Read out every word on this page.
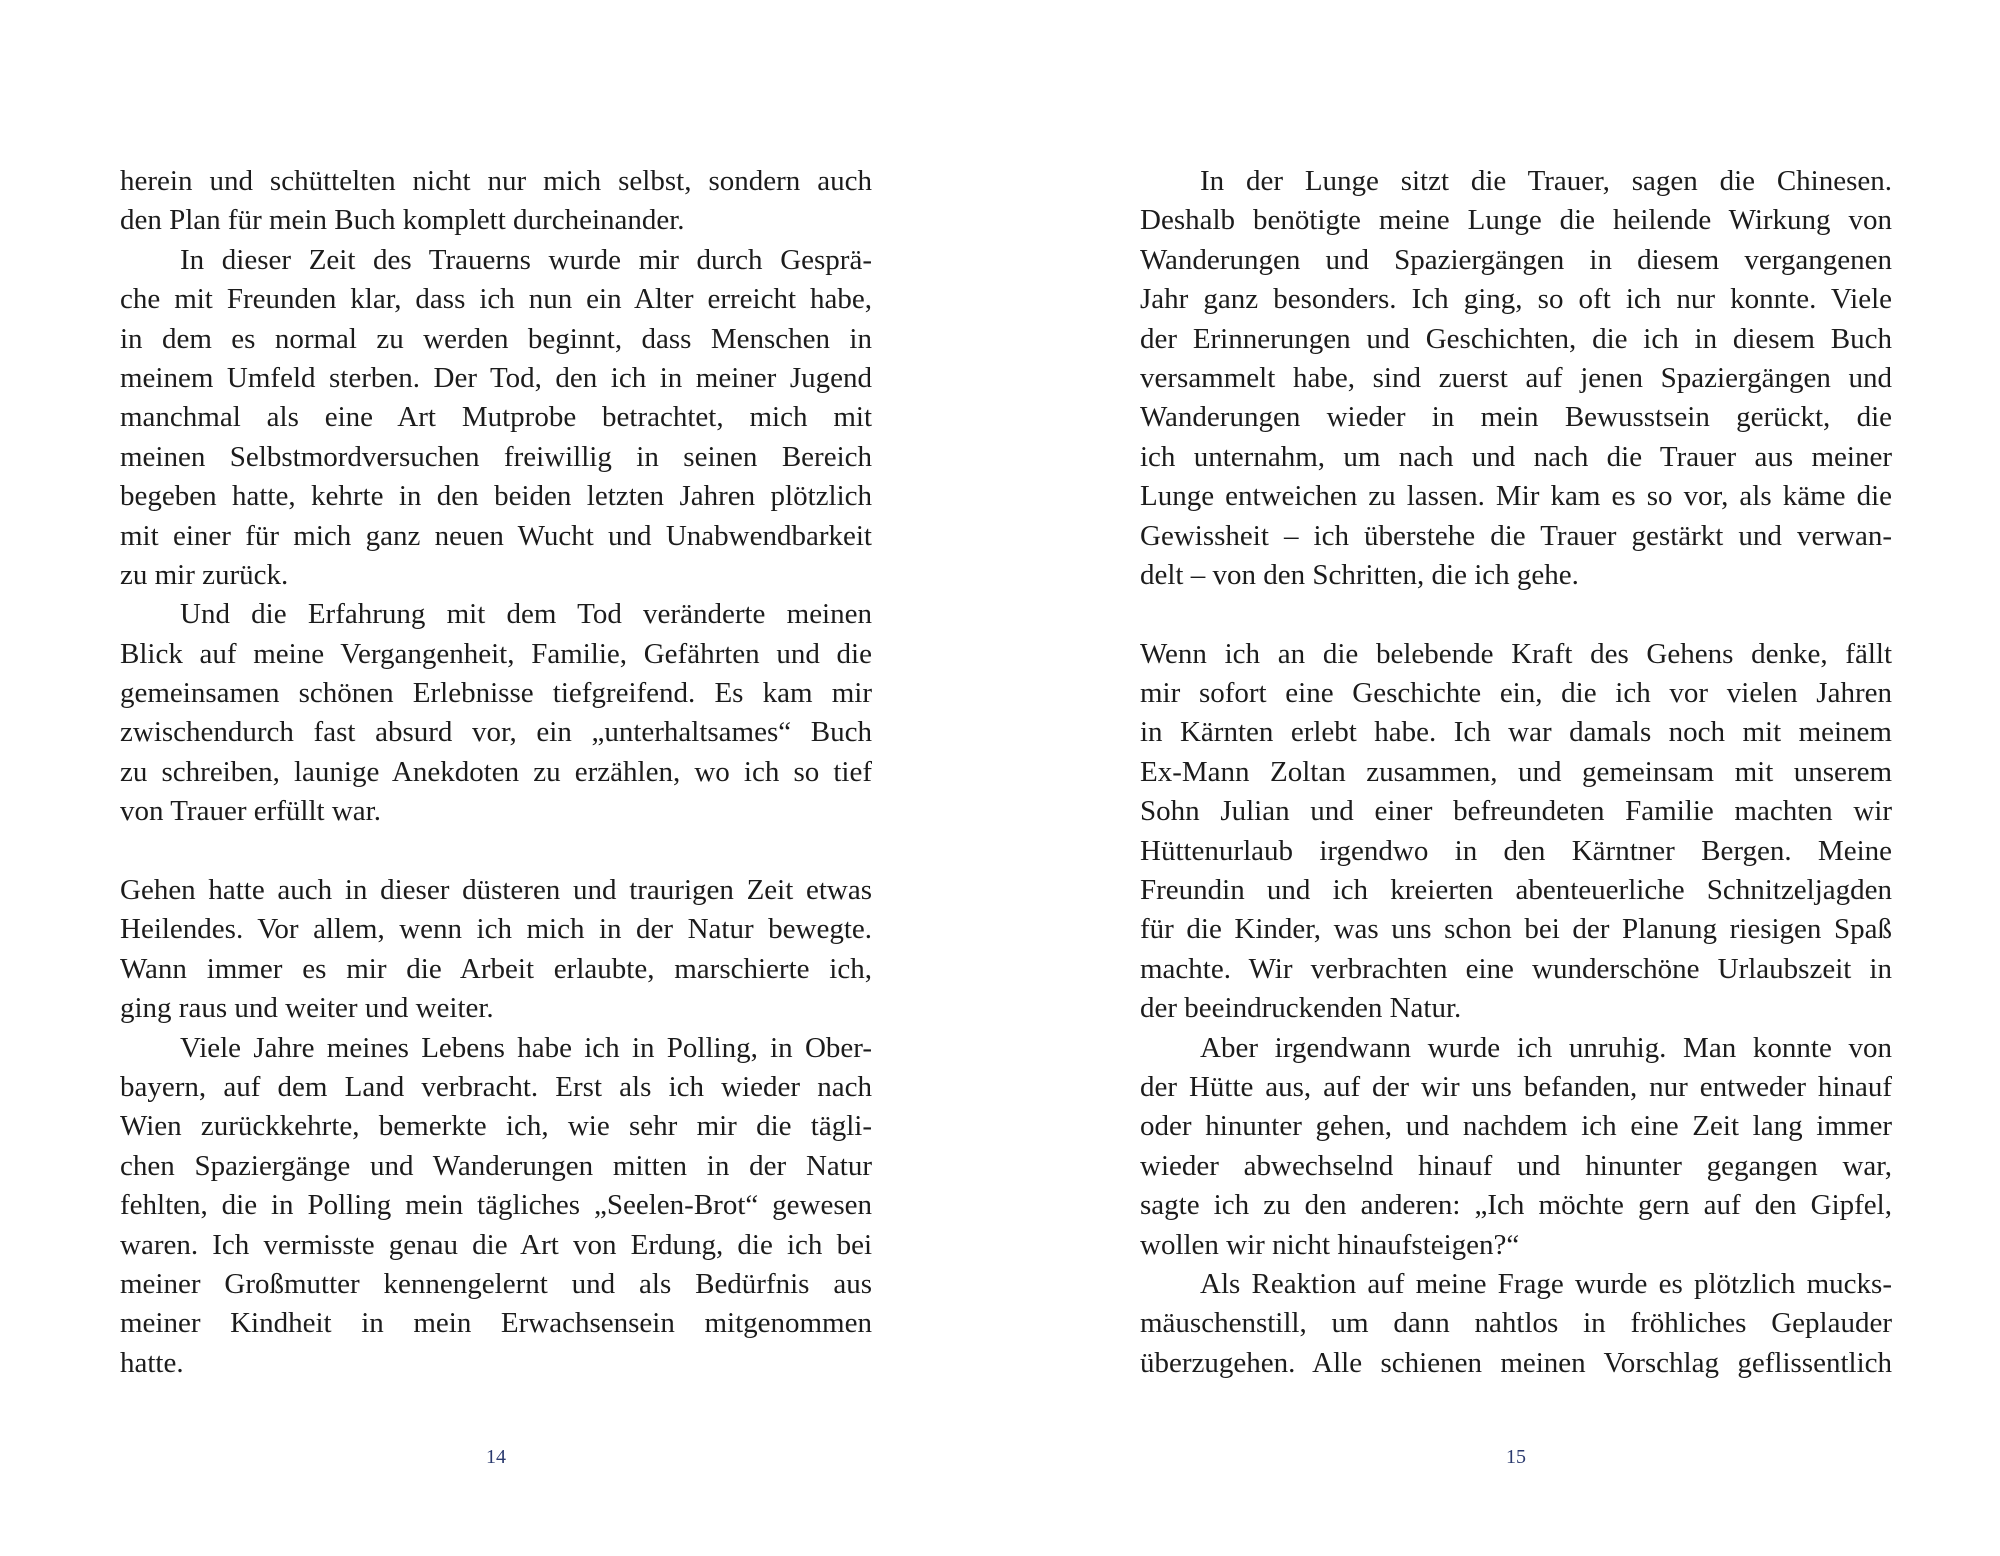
herein und schüttelten nicht nur mich selbst, sondern auch
den Plan für mein Buch komplett durcheinander.
In dieser Zeit des Trauerns wurde mir durch Gesprä-
che mit Freunden klar, dass ich nun ein Alter erreicht habe,
in dem es normal zu werden beginnt, dass Menschen in
meinem Umfeld sterben. Der Tod, den ich in meiner Jugend
manchmal als eine Art Mutprobe betrachtet, mich mit
meinen Selbstmordversuchen freiwillig in seinen Bereich
begeben hatte, kehrte in den beiden letzten Jahren plötzlich
mit einer für mich ganz neuen Wucht und Unabwendbarkeit
zu mir zurück.
Und die Erfahrung mit dem Tod veränderte meinen
Blick auf meine Vergangenheit, Familie, Gefährten und die
gemeinsamen schönen Erlebnisse tiefgreifend. Es kam mir
zwischendurch fast absurd vor, ein „unterhaltsames“ Buch
zu schreiben, launige Anekdoten zu erzählen, wo ich so tief
von Trauer erfüllt war.
Gehen hatte auch in dieser düsteren und traurigen Zeit etwas
Heilendes. Vor allem, wenn ich mich in der Natur bewegte.
Wann immer es mir die Arbeit erlaubte, marschierte ich,
ging raus und weiter und weiter.
Viele Jahre meines Lebens habe ich in Polling, in Ober-
bayern, auf dem Land verbracht. Erst als ich wieder nach
Wien zurückkehrte, bemerkte ich, wie sehr mir die tägli-
chen Spaziergänge und Wanderungen mitten in der Natur
fehlten, die in Polling mein tägliches „Seelen-Brot“ gewesen
waren. Ich vermisste genau die Art von Erdung, die ich bei
meiner Großmutter kennengelernt und als Bedürfnis aus
meiner Kindheit in mein Erwachsensein mitgenommen
hatte.
In der Lunge sitzt die Trauer, sagen die Chinesen.
Deshalb benötigte meine Lunge die heilende Wirkung von
Wanderungen und Spaziergängen in diesem vergangenen
Jahr ganz besonders. Ich ging, so oft ich nur konnte. Viele
der Erinnerungen und Geschichten, die ich in diesem Buch
versammelt habe, sind zuerst auf jenen Spaziergängen und
Wanderungen wieder in mein Bewusstsein gerückt, die
ich unternahm, um nach und nach die Trauer aus meiner
Lunge entweichen zu lassen. Mir kam es so vor, als käme die
Gewissheit – ich überstehe die Trauer gestärkt und verwan-
delt – von den Schritten, die ich gehe.
Wenn ich an die belebende Kraft des Gehens denke, fällt
mir sofort eine Geschichte ein, die ich vor vielen Jahren
in Kärnten erlebt habe. Ich war damals noch mit meinem
Ex-Mann Zoltan zusammen, und gemeinsam mit unserem
Sohn Julian und einer befreundeten Familie machten wir
Hüttenurlaub irgendwo in den Kärntner Bergen. Meine
Freundin und ich kreierten abenteuerliche Schnitzeljagden
für die Kinder, was uns schon bei der Planung riesigen Spaß
machte. Wir verbrachten eine wunderschöne Urlaubszeit in
der beeindruckenden Natur.
Aber irgendwann wurde ich unruhig. Man konnte von
der Hütte aus, auf der wir uns befanden, nur entweder hinauf
oder hinunter gehen, und nachdem ich eine Zeit lang immer
wieder abwechselnd hinauf und hinunter gegangen war,
sagte ich zu den anderen: „Ich möchte gern auf den Gipfel,
wollen wir nicht hinaufsteigen?“
Als Reaktion auf meine Frage wurde es plötzlich mucks-
mäuschenstill, um dann nahtlos in fröhliches Geplauder
überzugehen. Alle schienen meinen Vorschlag geflissentlich
14	15
